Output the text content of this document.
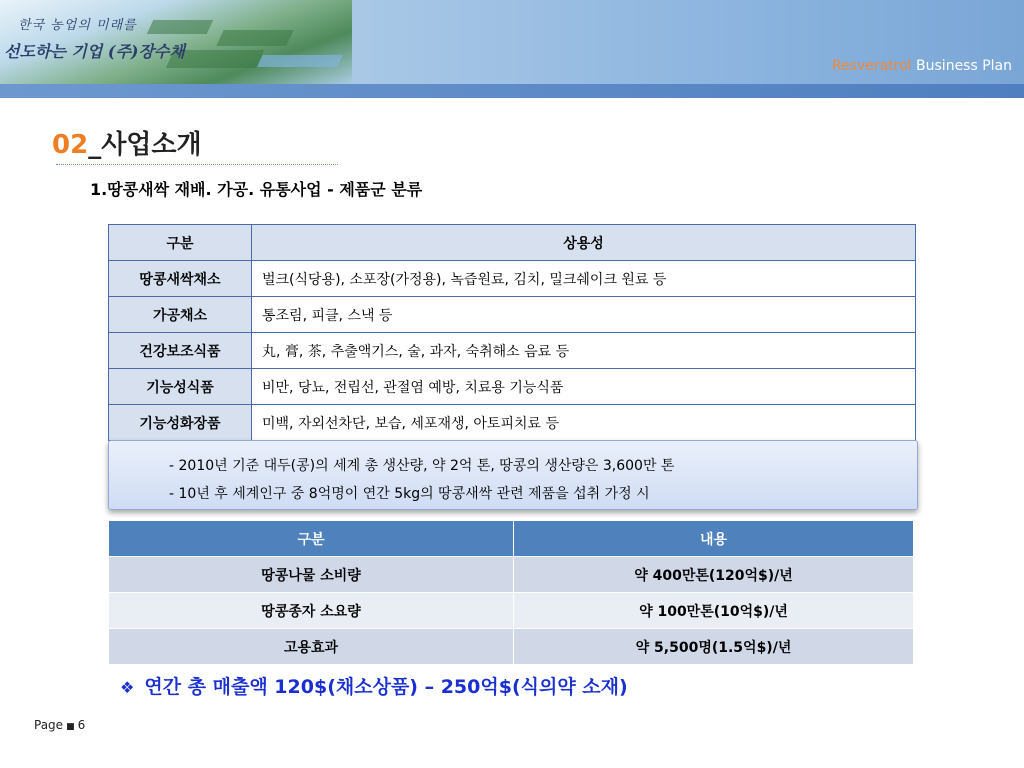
한국 농업의 미래를
선도하는 기업 (주)장수채
Resveratrol Business Plan
02_사업소개
1.땅콩새싹 재배. 가공. 유통사업 - 제품군 분류
구분	상용성
땅콩새싹채소	벌크(식당용), 소포장(가정용), 녹즙원료, 김치, 밀크쉐이크 원료 등
가공채소	통조림, 피클, 스낵 등
건강보조식품	丸, 膏, 茶, 추출액기스, 술, 과자, 숙취해소 음료 등
기능성식품	비만, 당뇨, 전립선, 관절염 예방, 치료용 기능식품
기능성화장품	미백, 자외선차단, 보습, 세포재생, 아토피치료 등
- 2010년 기준 대두(콩)의 세계 총 생산량, 약 2억 톤, 땅콩의 생산량은 3,600만 톤
- 10년 후 세계인구 중 8억명이 연간 5kg의 땅콩새싹 관련 제품을 섭취 가정 시
구분	내용
땅콩나물 소비량	약 400만톤(120억$)/년
땅콩종자 소요량	약 100만톤(10억$)/년
고용효과	약 5,500명(1.5억$)/년
❖ 연간 총 매출액 120$(채소상품) – 250억$(식의약 소재)
Page ■ 6
